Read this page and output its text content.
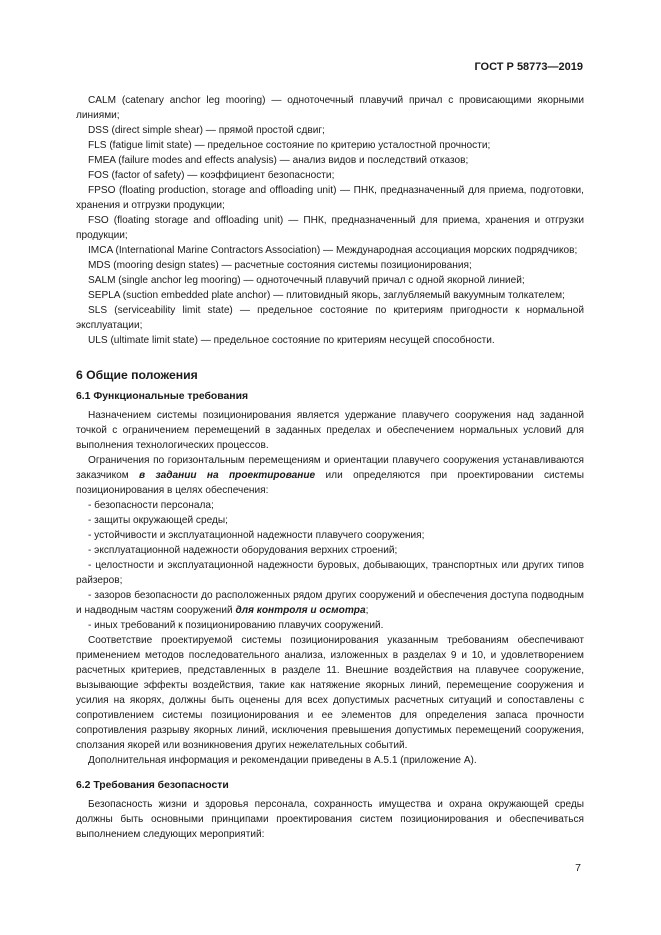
ГОСТ Р 58773—2019

CALM (catenary anchor leg mooring) — одноточечный плавучий причал с провисающими якорными линиями;

DSS (direct simple shear) — прямой простой сдвиг;

FLS (fatigue limit state) — предельное состояние по критерию усталостной прочности;

FMEA (failure modes and effects analysis) — анализ видов и последствий отказов;

FOS (factor of safety) — коэффициент безопасности;

FPSO (floating production, storage and offloading unit) — ПНК, предназначенный для приема, подготовки, хранения и отгрузки продукции;

FSO (floating storage and offloading unit) — ПНК, предназначенный для приема, хранения и отгрузки продукции;

IMCA (International Marine Contractors Association) — Международная ассоциация морских подрядчиков;

MDS (mooring design states) — расчетные состояния системы позиционирования;

SALM (single anchor leg mooring) — одноточечный плавучий причал с одной якорной линией;

SEPLA (suction embedded plate anchor) — плитовидный якорь, заглубляемый вакуумным толкателем;

SLS (serviceability limit state) — предельное состояние по критериям пригодности к нормальной эксплуатации;

ULS (ultimate limit state) — предельное состояние по критериям несущей способности.

6 Общие положения
6.1 Функциональные требования

Назначением системы позиционирования является удержание плавучего сооружения над заданной точкой с ограничением перемещений в заданных пределах и обеспечением нормальных условий для выполнения технологических процессов.

Ограничения по горизонтальным перемещениям и ориентации плавучего сооружения устанавливаются заказчиком в задании на проектирование или определяются при проектировании системы позиционирования в целях обеспечения:

- безопасности персонала;

- защиты окружающей среды;

- устойчивости и эксплуатационной надежности плавучего сооружения;

- эксплуатационной надежности оборудования верхних строений;

- целостности и эксплуатационной надежности буровых, добывающих, транспортных или других типов райзеров;

- зазоров безопасности до расположенных рядом других сооружений и обеспечения доступа подводным и надводным частям сооружений для контроля и осмотра;

- иных требований к позиционированию плавучих сооружений.

Соответствие проектируемой системы позиционирования указанным требованиям обеспечивают применением методов последовательного анализа, изложенных в разделах 9 и 10, и удовлетворением расчетных критериев, представленных в разделе 11. Внешние воздействия на плавучее сооружение, вызывающие эффекты воздействия, такие как натяжение якорных линий, перемещение сооружения и усилия на якорях, должны быть оценены для всех допустимых расчетных ситуаций и сопоставлены с сопротивлением системы позиционирования и ее элементов для определения запаса прочности сопротивления разрыву якорных линий, исключения превышения допустимых перемещений сооружения, сползания якорей или возникновения других нежелательных событий.

Дополнительная информация и рекомендации приведены в А.5.1 (приложение А).

6.2 Требования безопасности

Безопасность жизни и здоровья персонала, сохранность имущества и охрана окружающей среды должны быть основными принципами проектирования систем позиционирования и обеспечиваться выполнением следующих мероприятий:

7
